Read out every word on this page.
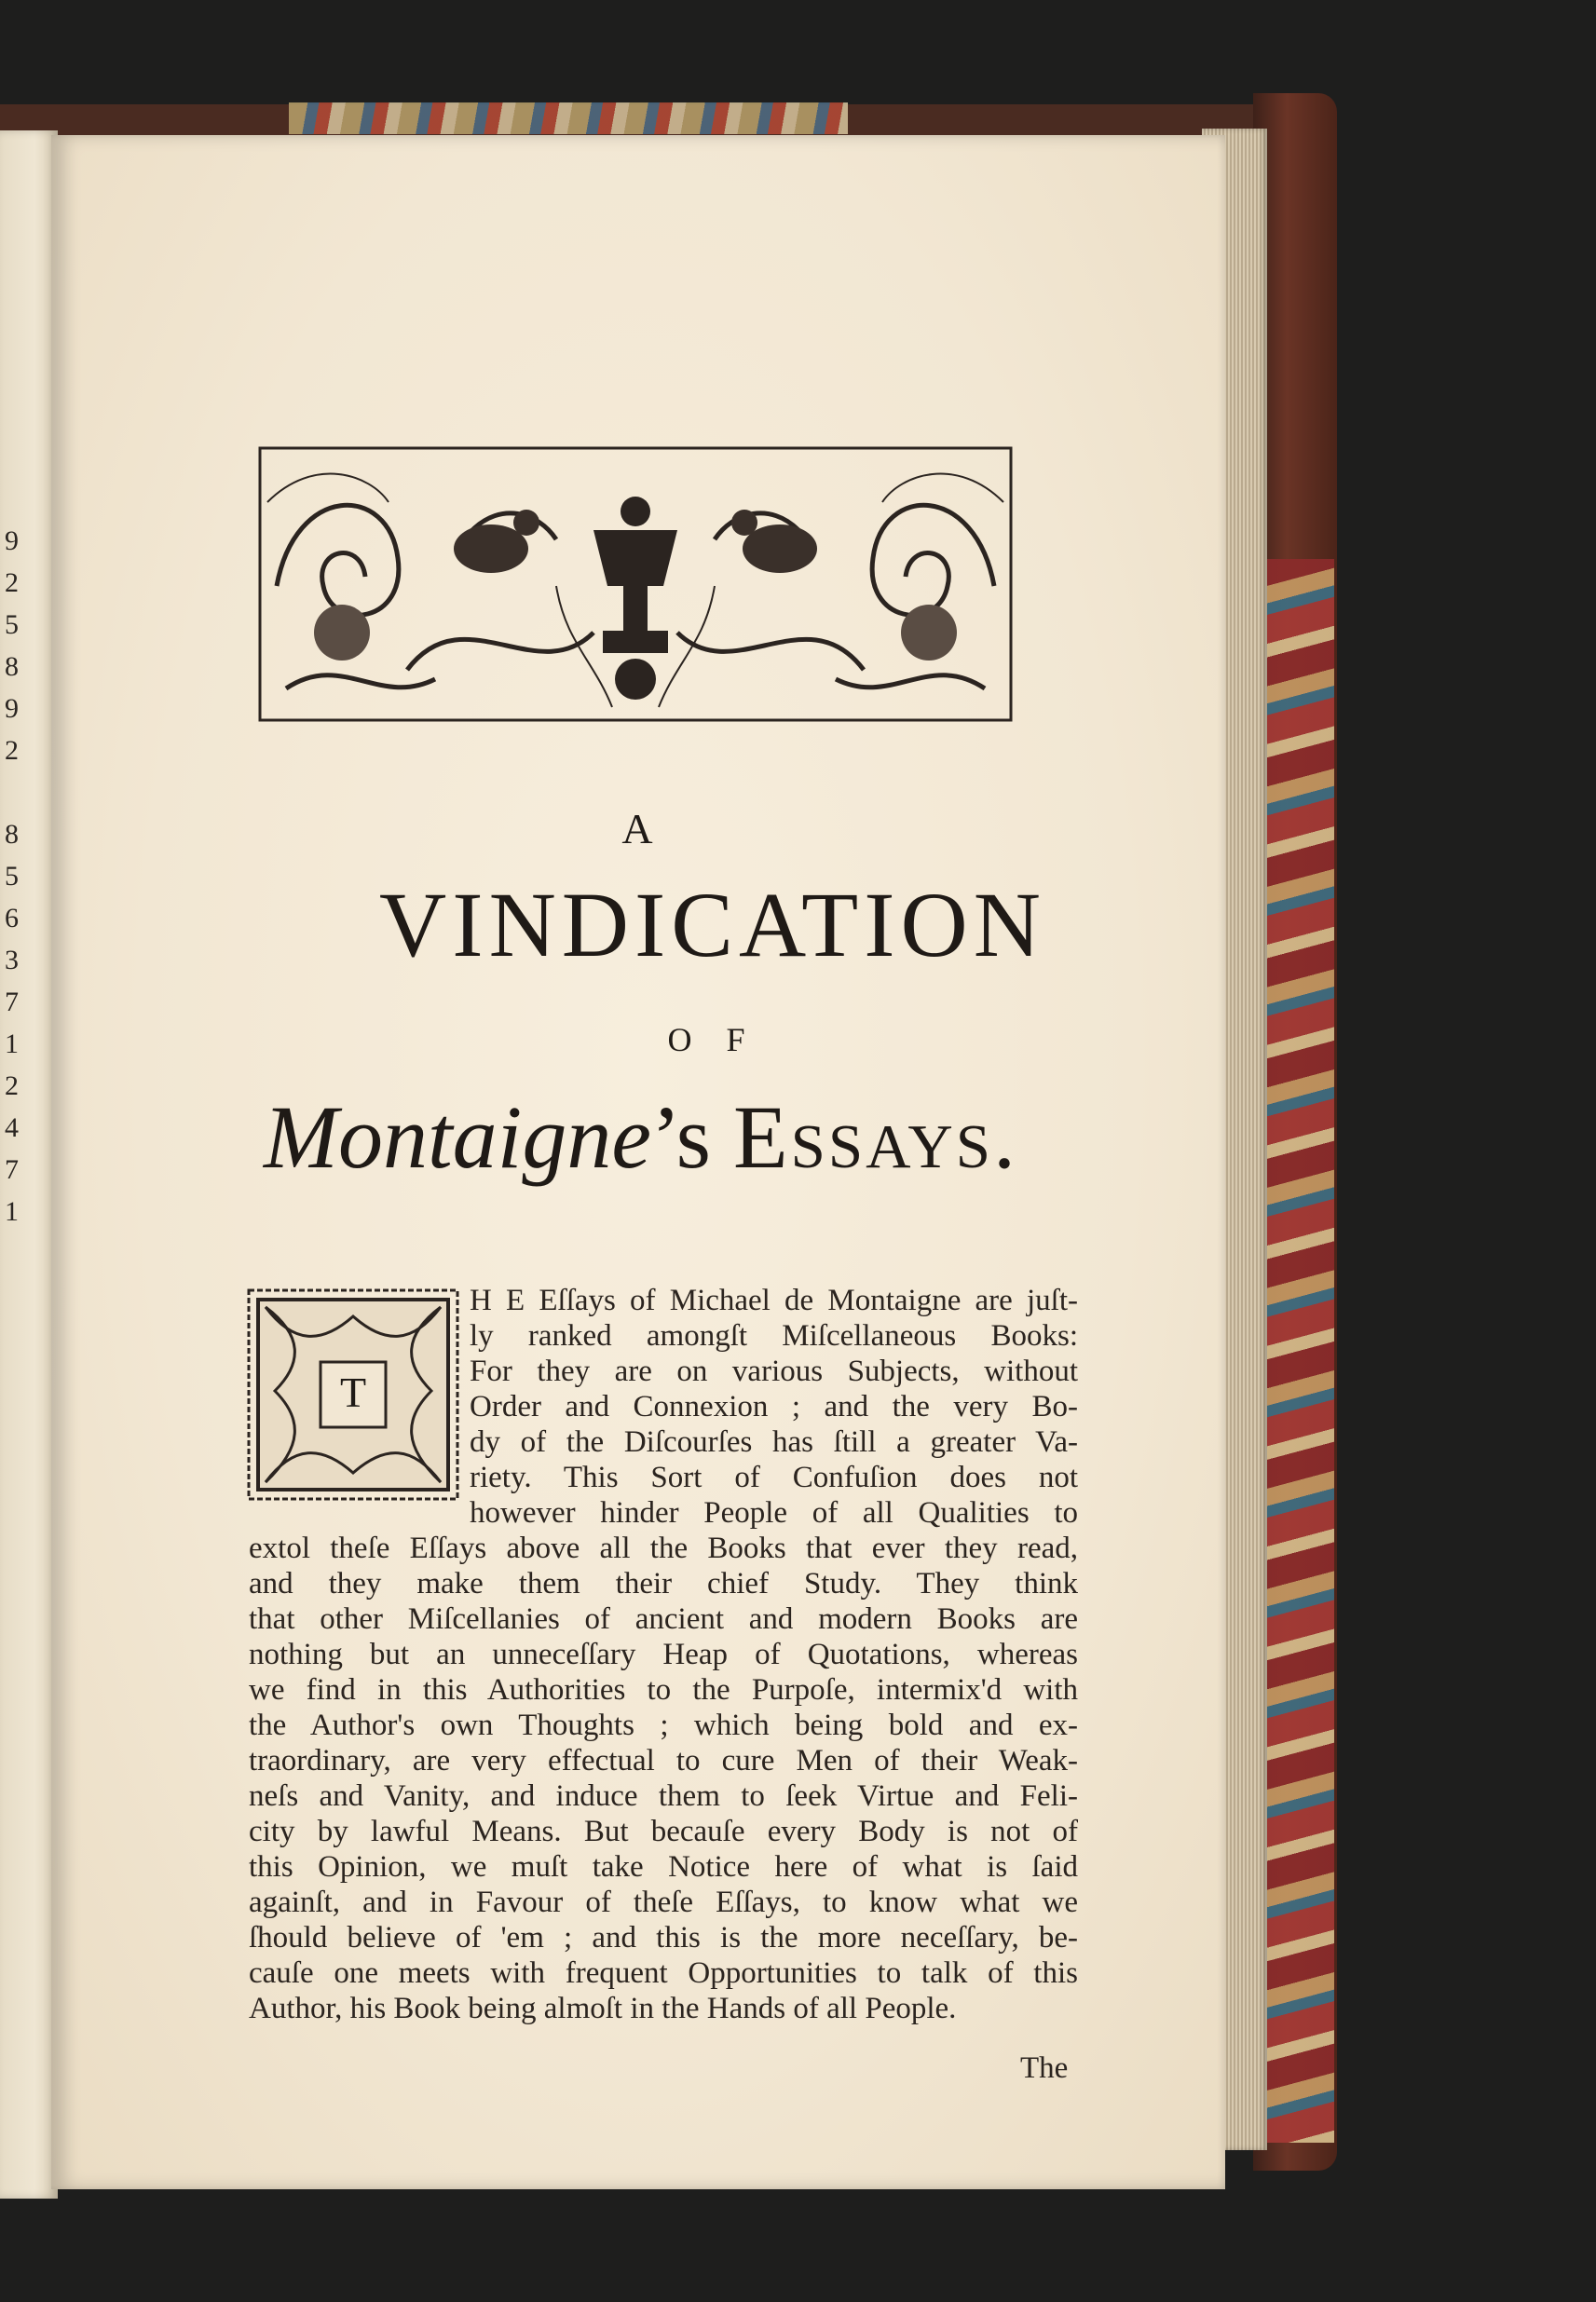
9
2
5
8
9
2
8
5
6
3
7
1
2
4
7
1
A
VINDICATION
O F
Montaigne’s Essays.
T
H E Eſſays of Michael de Montaigne are juſt-
ly ranked amongſt Miſcellaneous Books:
For they are on various Subjects, without
Order and Connexion ; and the very Bo-
dy of the Diſcourſes has ſtill a greater Va-
riety. This Sort of Confuſion does not
however hinder People of all Qualities to
extol theſe Eſſays above all the Books that ever they read,
and they make them their chief Study. They think
that other Miſcellanies of ancient and modern Books are
nothing but an unneceſſary Heap of Quotations, whereas
we find in this Authorities to the Purpoſe, intermix'd with
the Author's own Thoughts ; which being bold and ex-
traordinary, are very effectual to cure Men of their Weak-
neſs and Vanity, and induce them to ſeek Virtue and Feli-
city by lawful Means. But becauſe every Body is not of
this Opinion, we muſt take Notice here of what is ſaid
againſt, and in Favour of theſe Eſſays, to know what we
ſhould believe of 'em ; and this is the more neceſſary, be-
cauſe one meets with frequent Opportunities to talk of this
Author, his Book being almoſt in the Hands of all People.
The
